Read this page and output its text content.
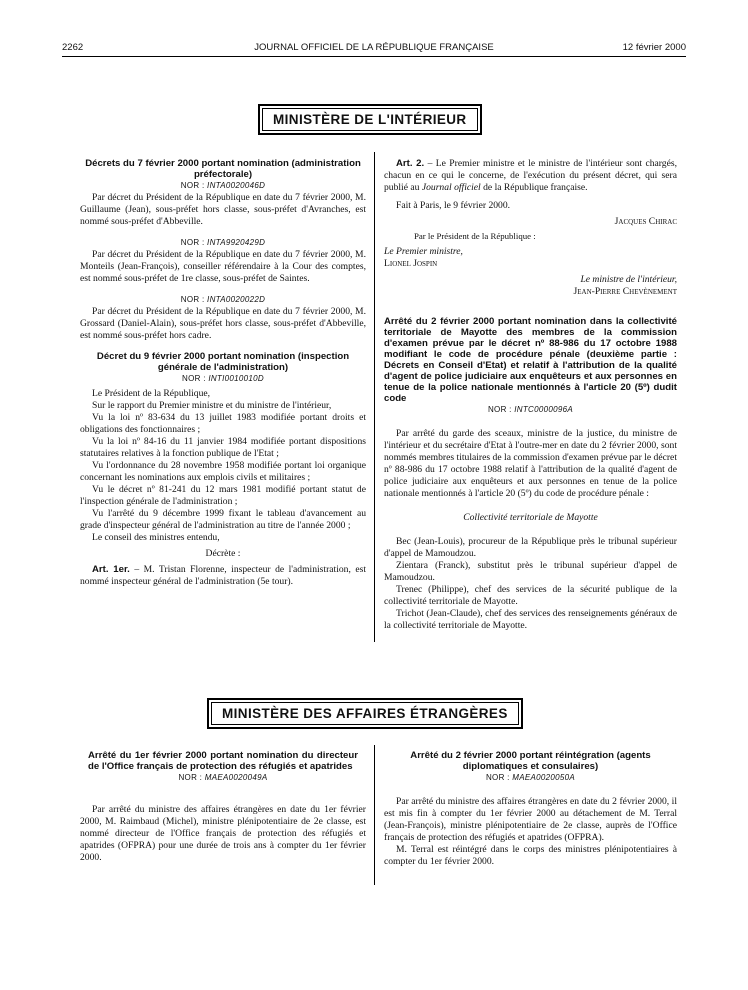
2262	JOURNAL OFFICIEL DE LA RÉPUBLIQUE FRANÇAISE	12 février 2000
MINISTÈRE DE L'INTÉRIEUR

Décrets du 7 février 2000 portant nomination (administration préfectorale)

NOR : INTA0020046D

Par décret du Président de la République en date du 7 février 2000, M. Guillaume (Jean), sous-préfet hors classe, sous-préfet d'Avranches, est nommé sous-préfet d'Abbeville.

NOR : INTA9920429D

Par décret du Président de la République en date du 7 février 2000, M. Monteils (Jean-François), conseiller référendaire à la Cour des comptes, est nommé sous-préfet de 1re classe, sous-préfet de Saintes.

NOR : INTA0020022D

Par décret du Président de la République en date du 7 février 2000, M. Grossard (Daniel-Alain), sous-préfet hors classe, sous-préfet d'Abbeville, est nommé sous-préfet hors cadre.

Décret du 9 février 2000 portant nomination (inspection générale de l'administration)

NOR : INTI0010010D

Le Président de la République,

Sur le rapport du Premier ministre et du ministre de l'intérieur,

Vu la loi nº 83-634 du 13 juillet 1983 modifiée portant droits et obligations des fonctionnaires ;

Vu la loi nº 84-16 du 11 janvier 1984 modifiée portant dispositions statutaires relatives à la fonction publique de l'Etat ;

Vu l'ordonnance du 28 novembre 1958 modifiée portant loi organique concernant les nominations aux emplois civils et militaires ;

Vu le décret nº 81-241 du 12 mars 1981 modifié portant statut de l'inspection générale de l'administration ;

Vu l'arrêté du 9 décembre 1999 fixant le tableau d'avancement au grade d'inspecteur général de l'administration au titre de l'année 2000 ;

Le conseil des ministres entendu,

Décrète :

Art. 1er. – M. Tristan Florenne, inspecteur de l'administration, est nommé inspecteur général de l'administration (5e tour).

Art. 2. – Le Premier ministre et le ministre de l'intérieur sont chargés, chacun en ce qui le concerne, de l'exécution du présent décret, qui sera publié au Journal officiel de la République française.

Fait à Paris, le 9 février 2000.

Jacques Chirac

Par le Président de la République :

Le Premier ministre,

Lionel Jospin

Le ministre de l'intérieur,

Jean-Pierre Chevènement

Arrêté du 2 février 2000 portant nomination dans la collectivité territoriale de Mayotte des membres de la commission d'examen prévue par le décret nº 88-986 du 17 octobre 1988 modifiant le code de procédure pénale (deuxième partie : Décrets en Conseil d'Etat) et relatif à l'attribution de la qualité d'agent de police judiciaire aux enquêteurs et aux personnes en tenue de la police nationale mentionnés à l'article 20 (5º) dudit code

NOR : INTC0000096A

Par arrêté du garde des sceaux, ministre de la justice, du ministre de l'intérieur et du secrétaire d'Etat à l'outre-mer en date du 2 février 2000, sont nommés membres titulaires de la commission d'examen prévue par le décret nº 88-986 du 17 octobre 1988 relatif à l'attribution de la qualité d'agent de police judiciaire aux enquêteurs et aux personnes en tenue de la police nationale mentionnés à l'article 20 (5º) du code de procédure pénale :

Collectivité territoriale de Mayotte

Bec (Jean-Louis), procureur de la République près le tribunal supérieur d'appel de Mamoudzou.

Zientara (Franck), substitut près le tribunal supérieur d'appel de Mamoudzou.

Trenec (Philippe), chef des services de la sécurité publique de la collectivité territoriale de Mayotte.

Trichot (Jean-Claude), chef des services des renseignements généraux de la collectivité territoriale de Mayotte.

MINISTÈRE DES AFFAIRES ÉTRANGÈRES

Arrêté du 1er février 2000 portant nomination du directeur de l'Office français de protection des réfugiés et apatrides

NOR : MAEA0020049A

Par arrêté du ministre des affaires étrangères en date du 1er février 2000, M. Raimbaud (Michel), ministre plénipotentiaire de 2e classe, est nommé directeur de l'Office français de protection des réfugiés et apatrides (OFPRA) pour une durée de trois ans à compter du 1er février 2000.

Arrêté du 2 février 2000 portant réintégration (agents diplomatiques et consulaires)

NOR : MAEA0020050A

Par arrêté du ministre des affaires étrangères en date du 2 février 2000, il est mis fin à compter du 1er février 2000 au détachement de M. Terral (Jean-François), ministre plénipotentiaire de 2e classe, auprès de l'Office français de protection des réfugiés et apatrides (OFPRA).

M. Terral est réintégré dans le corps des ministres plénipotentiaires à compter du 1er février 2000.
